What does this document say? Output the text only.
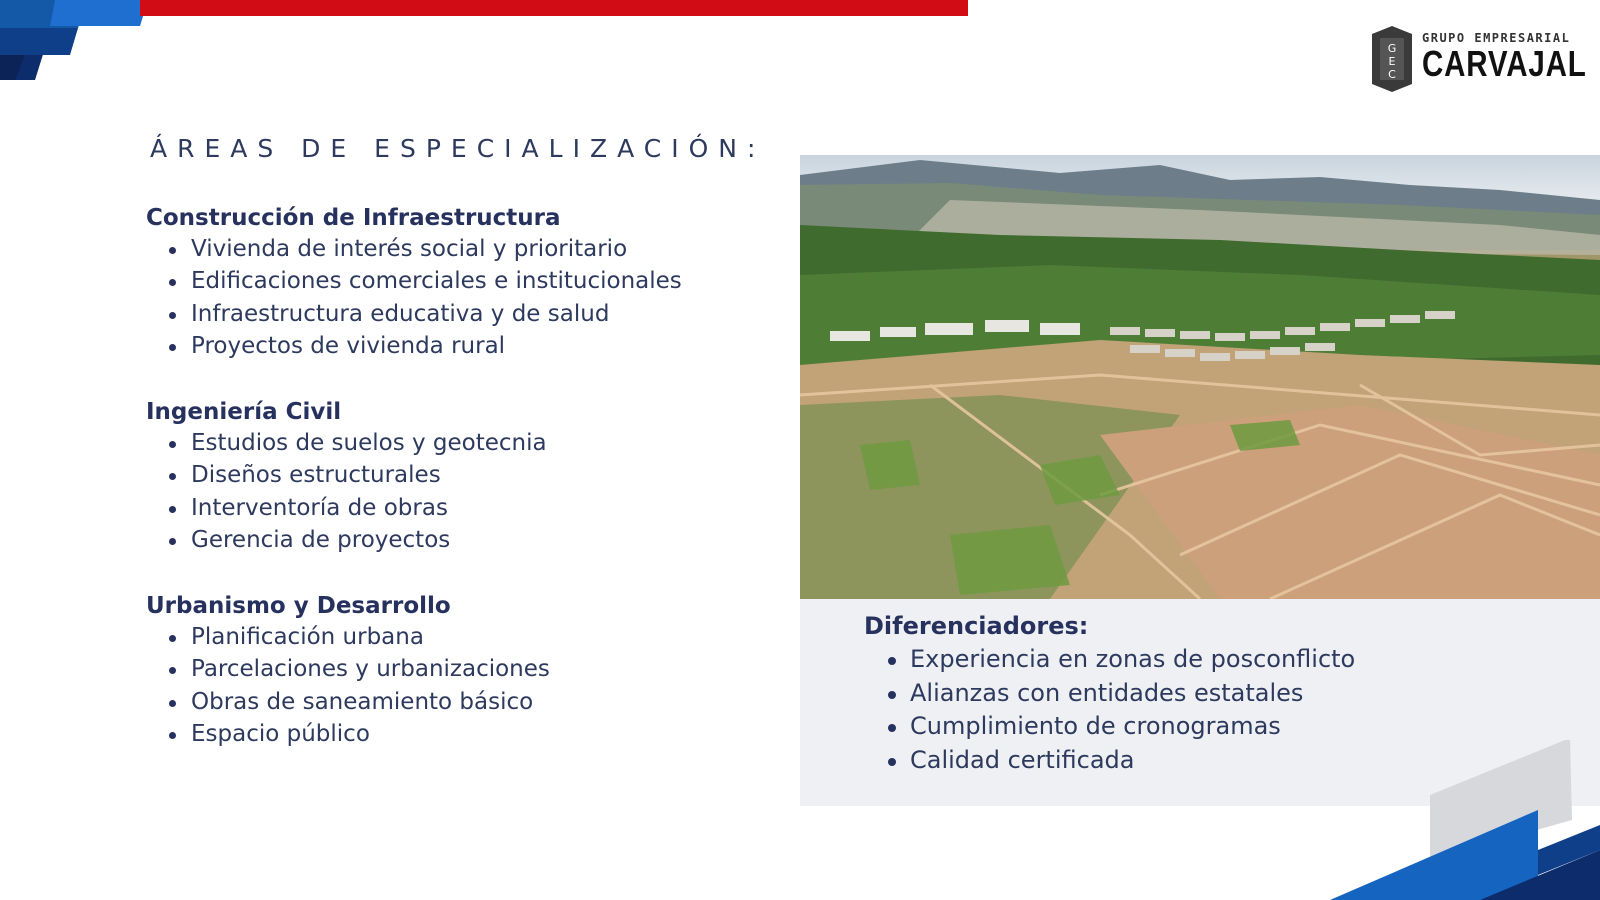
G
E
C
GRUPO EMPRESARIAL
CARVAJAL
ÁREAS DE ESPECIALIZACIÓN:
Construcción de Infraestructura
Vivienda de interés social y prioritario
Edificaciones comerciales e institucionales
Infraestructura educativa y de salud
Proyectos de vivienda rural
Ingeniería Civil
Estudios de suelos y geotecnia
Diseños estructurales
Interventoría de obras
Gerencia de proyectos
Urbanismo y Desarrollo
Planificación urbana
Parcelaciones y urbanizaciones
Obras de saneamiento básico
Espacio público
Diferenciadores:
Experiencia en zonas de posconflicto
Alianzas con entidades estatales
Cumplimiento de cronogramas
Calidad certificada
